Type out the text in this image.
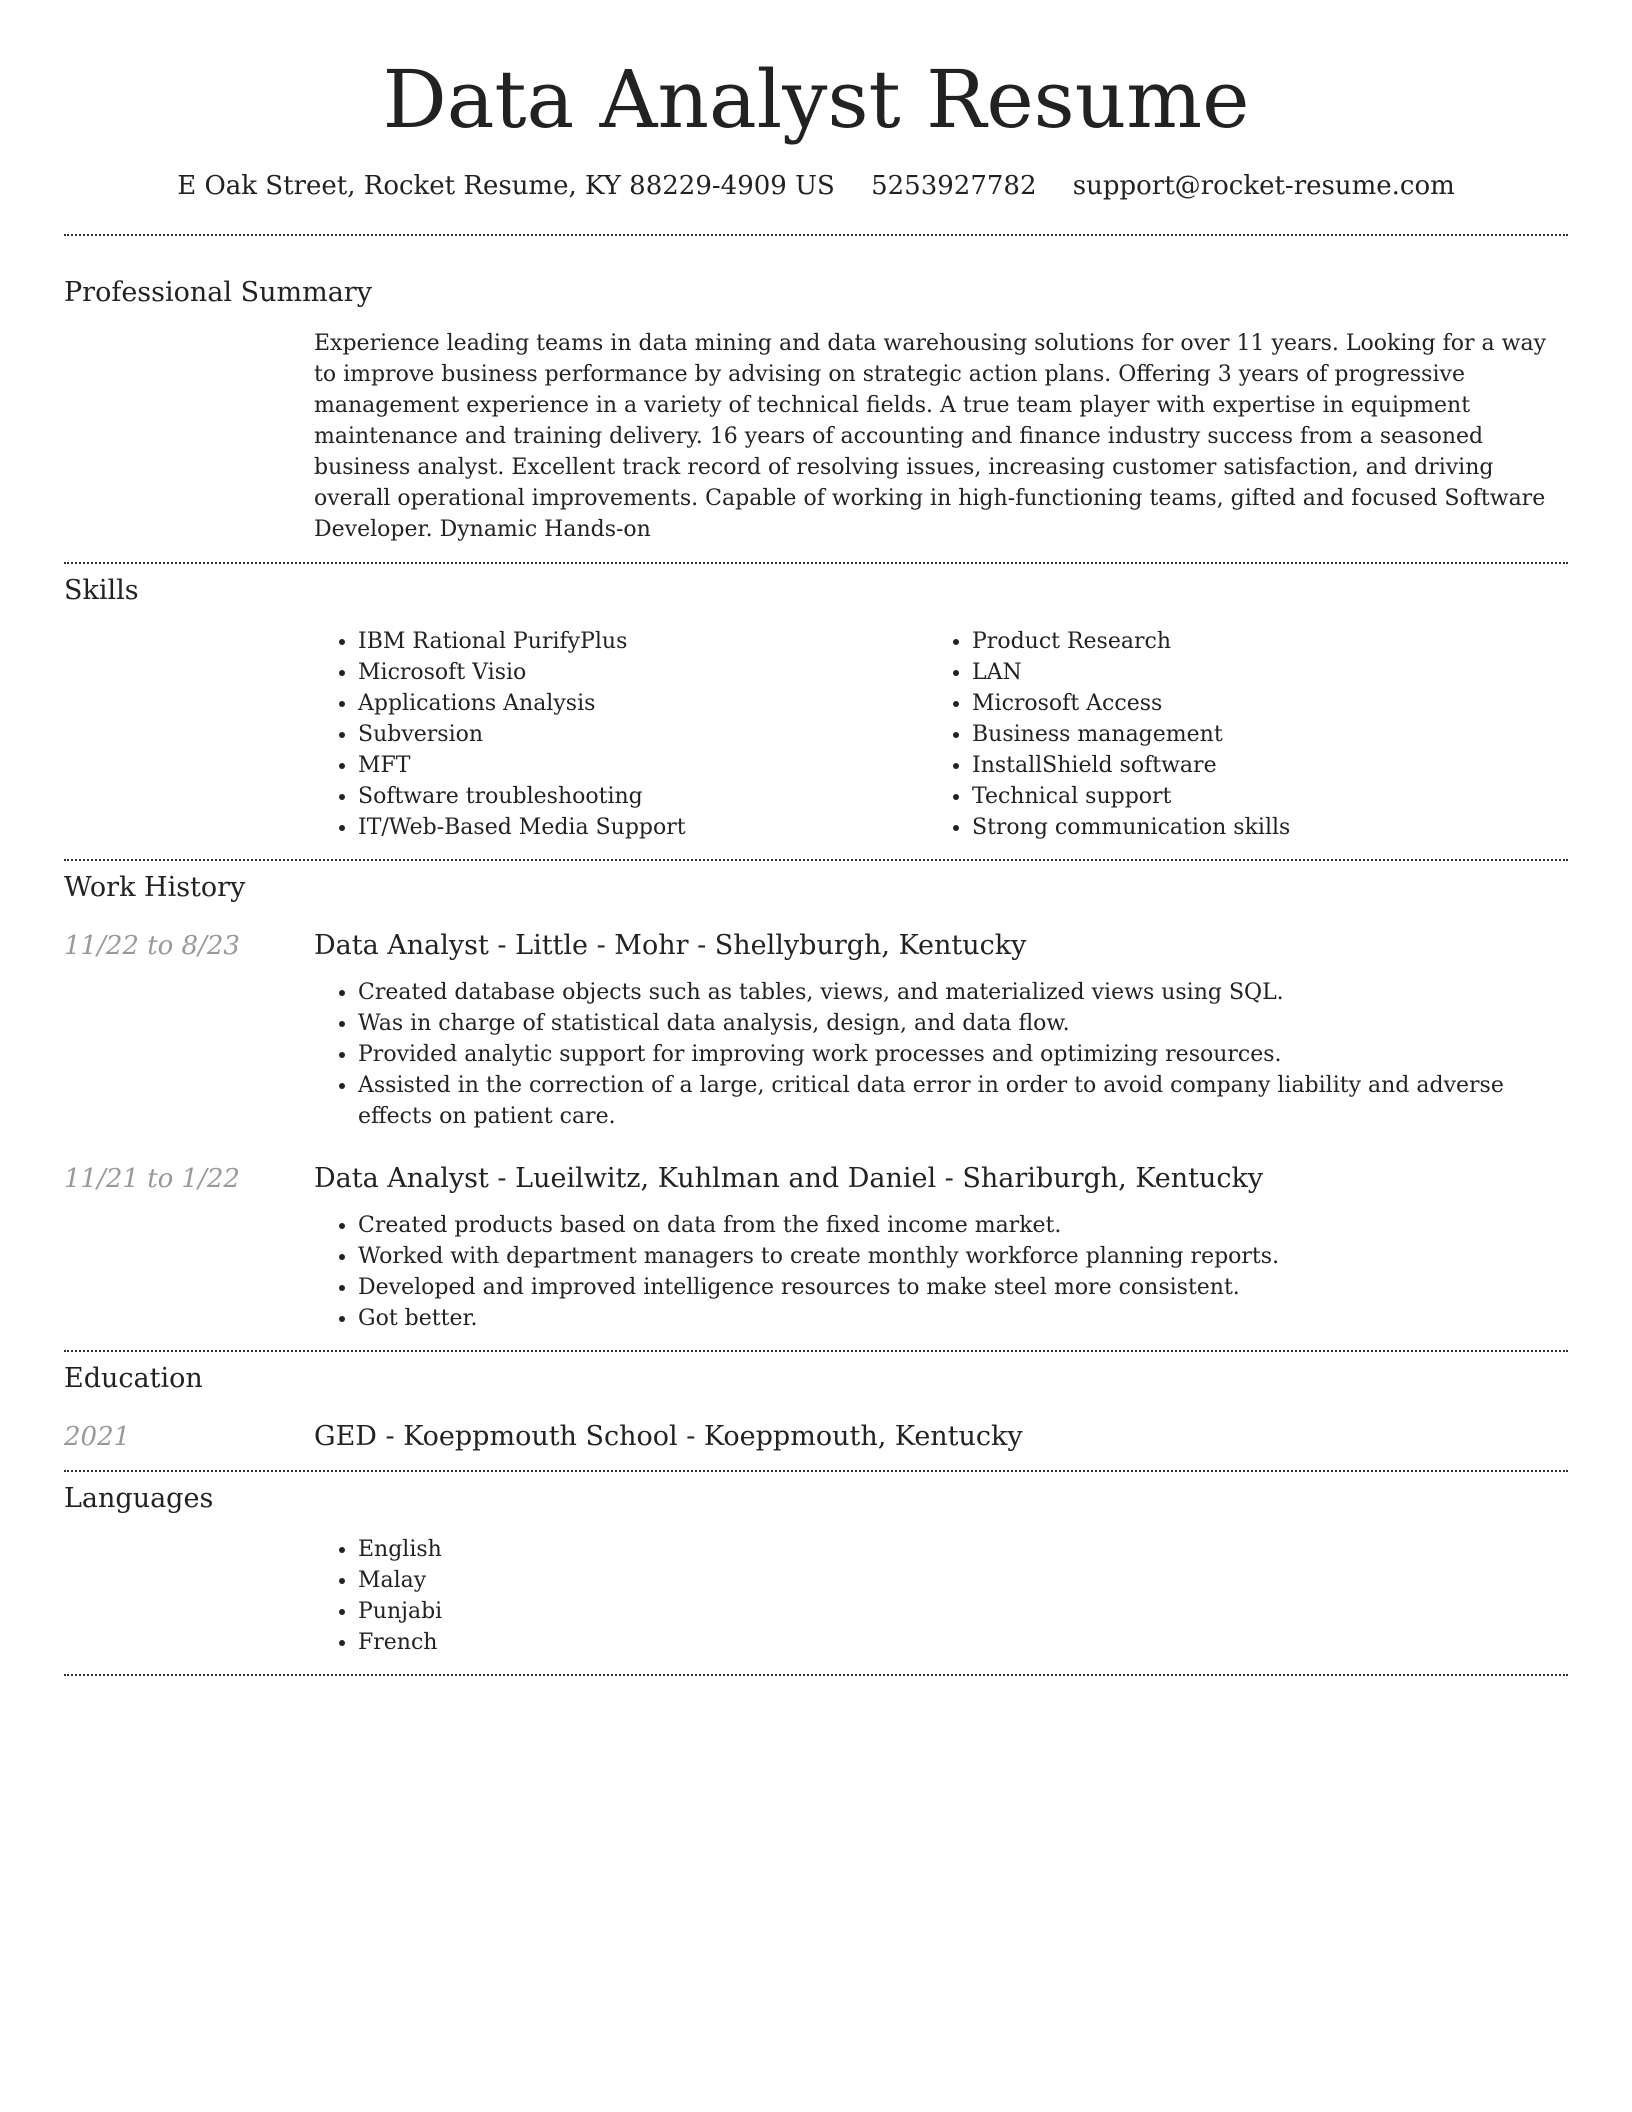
Data Analyst Resume
E Oak Street, Rocket Resume, KY 88229-4909 US 5253927782 support@rocket-resume.com
Professional Summary
Experience leading teams in data mining and data warehousing solutions for over 11 years. Looking for a way to improve business performance by advising on strategic action plans. Offering 3 years of progressive management experience in a variety of technical fields. A true team player with expertise in equipment maintenance and training delivery. 16 years of accounting and finance industry success from a seasoned business analyst. Excellent track record of resolving issues, increasing customer satisfaction, and driving overall operational improvements. Capable of working in high-functioning teams, gifted and focused Software Developer. Dynamic Hands-on
Skills
• IBM Rational PurifyPlus
• Microsoft Visio
• Applications Analysis
• Subversion
• MFT
• Software troubleshooting
• IT/Web-Based Media Support
• Product Research
• LAN
• Microsoft Access
• Business management
• InstallShield software
• Technical support
• Strong communication skills
Work History
11/22 to 8/23	Data Analyst - Little - Mohr - Shellyburgh, Kentucky
• Created database objects such as tables, views, and materialized views using SQL.
• Was in charge of statistical data analysis, design, and data flow.
• Provided analytic support for improving work processes and optimizing resources.
• Assisted in the correction of a large, critical data error in order to avoid company liability and adverse effects on patient care.
11/21 to 1/22	Data Analyst - Lueilwitz, Kuhlman and Daniel - Shariburgh, Kentucky
• Created products based on data from the fixed income market.
• Worked with department managers to create monthly workforce planning reports.
• Developed and improved intelligence resources to make steel more consistent.
• Got better.
Education
2021	GED - Koeppmouth School - Koeppmouth, Kentucky
Languages
• English
• Malay
• Punjabi
• French
